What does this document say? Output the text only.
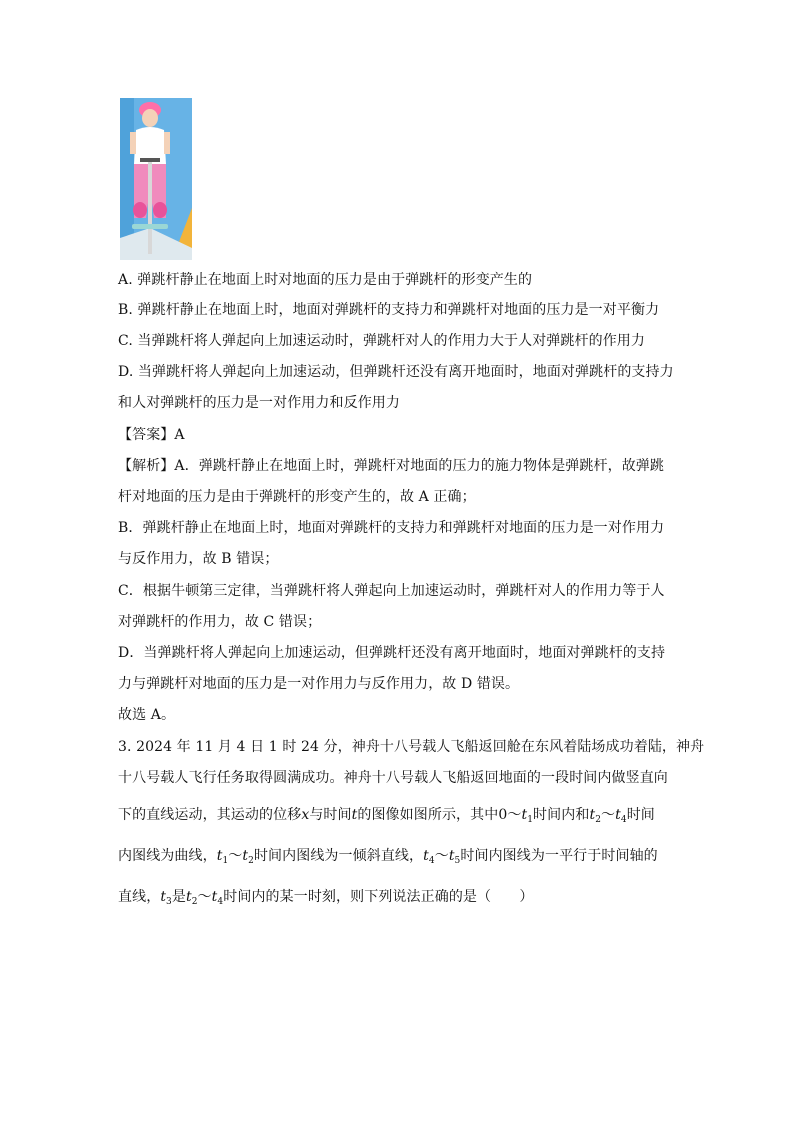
A. 弹跳杆静止在地面上时对地面的压力是由于弹跳杆的形变产生的
B. 弹跳杆静止在地面上时，地面对弹跳杆的支持力和弹跳杆对地面的压力是一对平衡力
C. 当弹跳杆将人弹起向上加速运动时，弹跳杆对人的作用力大于人对弹跳杆的作用力
D. 当弹跳杆将人弹起向上加速运动，但弹跳杆还没有离开地面时，地面对弹跳杆的支持力
和人对弹跳杆的压力是一对作用力和反作用力
【答案】A
【解析】A．弹跳杆静止在地面上时，弹跳杆对地面的压力的施力物体是弹跳杆，故弹跳
杆对地面的压力是由于弹跳杆的形变产生的，故 A 正确；
B．弹跳杆静止在地面上时，地面对弹跳杆的支持力和弹跳杆对地面的压力是一对作用力
与反作用力，故 B 错误；
C．根据牛顿第三定律，当弹跳杆将人弹起向上加速运动时，弹跳杆对人的作用力等于人
对弹跳杆的作用力，故 C 错误；
D．当弹跳杆将人弹起向上加速运动，但弹跳杆还没有离开地面时，地面对弹跳杆的支持
力与弹跳杆对地面的压力是一对作用力与反作用力，故 D 错误。
故选 A。
3. 2024 年 11 月 4 日 1 时 24 分，神舟十八号载人飞船返回舱在东风着陆场成功着陆，神舟
十八号载人飞行任务取得圆满成功。神舟十八号载人飞船返回地面的一段时间内做竖直向
下的直线运动，其运动的位移x与时间t的图像如图所示，其中$0\sim t_1$时间内和$t_2\sim t_4$时间
内图线为曲线，$t_1\sim t_2$时间内图线为一倾斜直线，$t_4\sim t_5$时间内图线为一平行于时间轴的
直线，$t_3$是$t_2\sim t_4$时间内的某一时刻，则下列说法正确的是（　　）
